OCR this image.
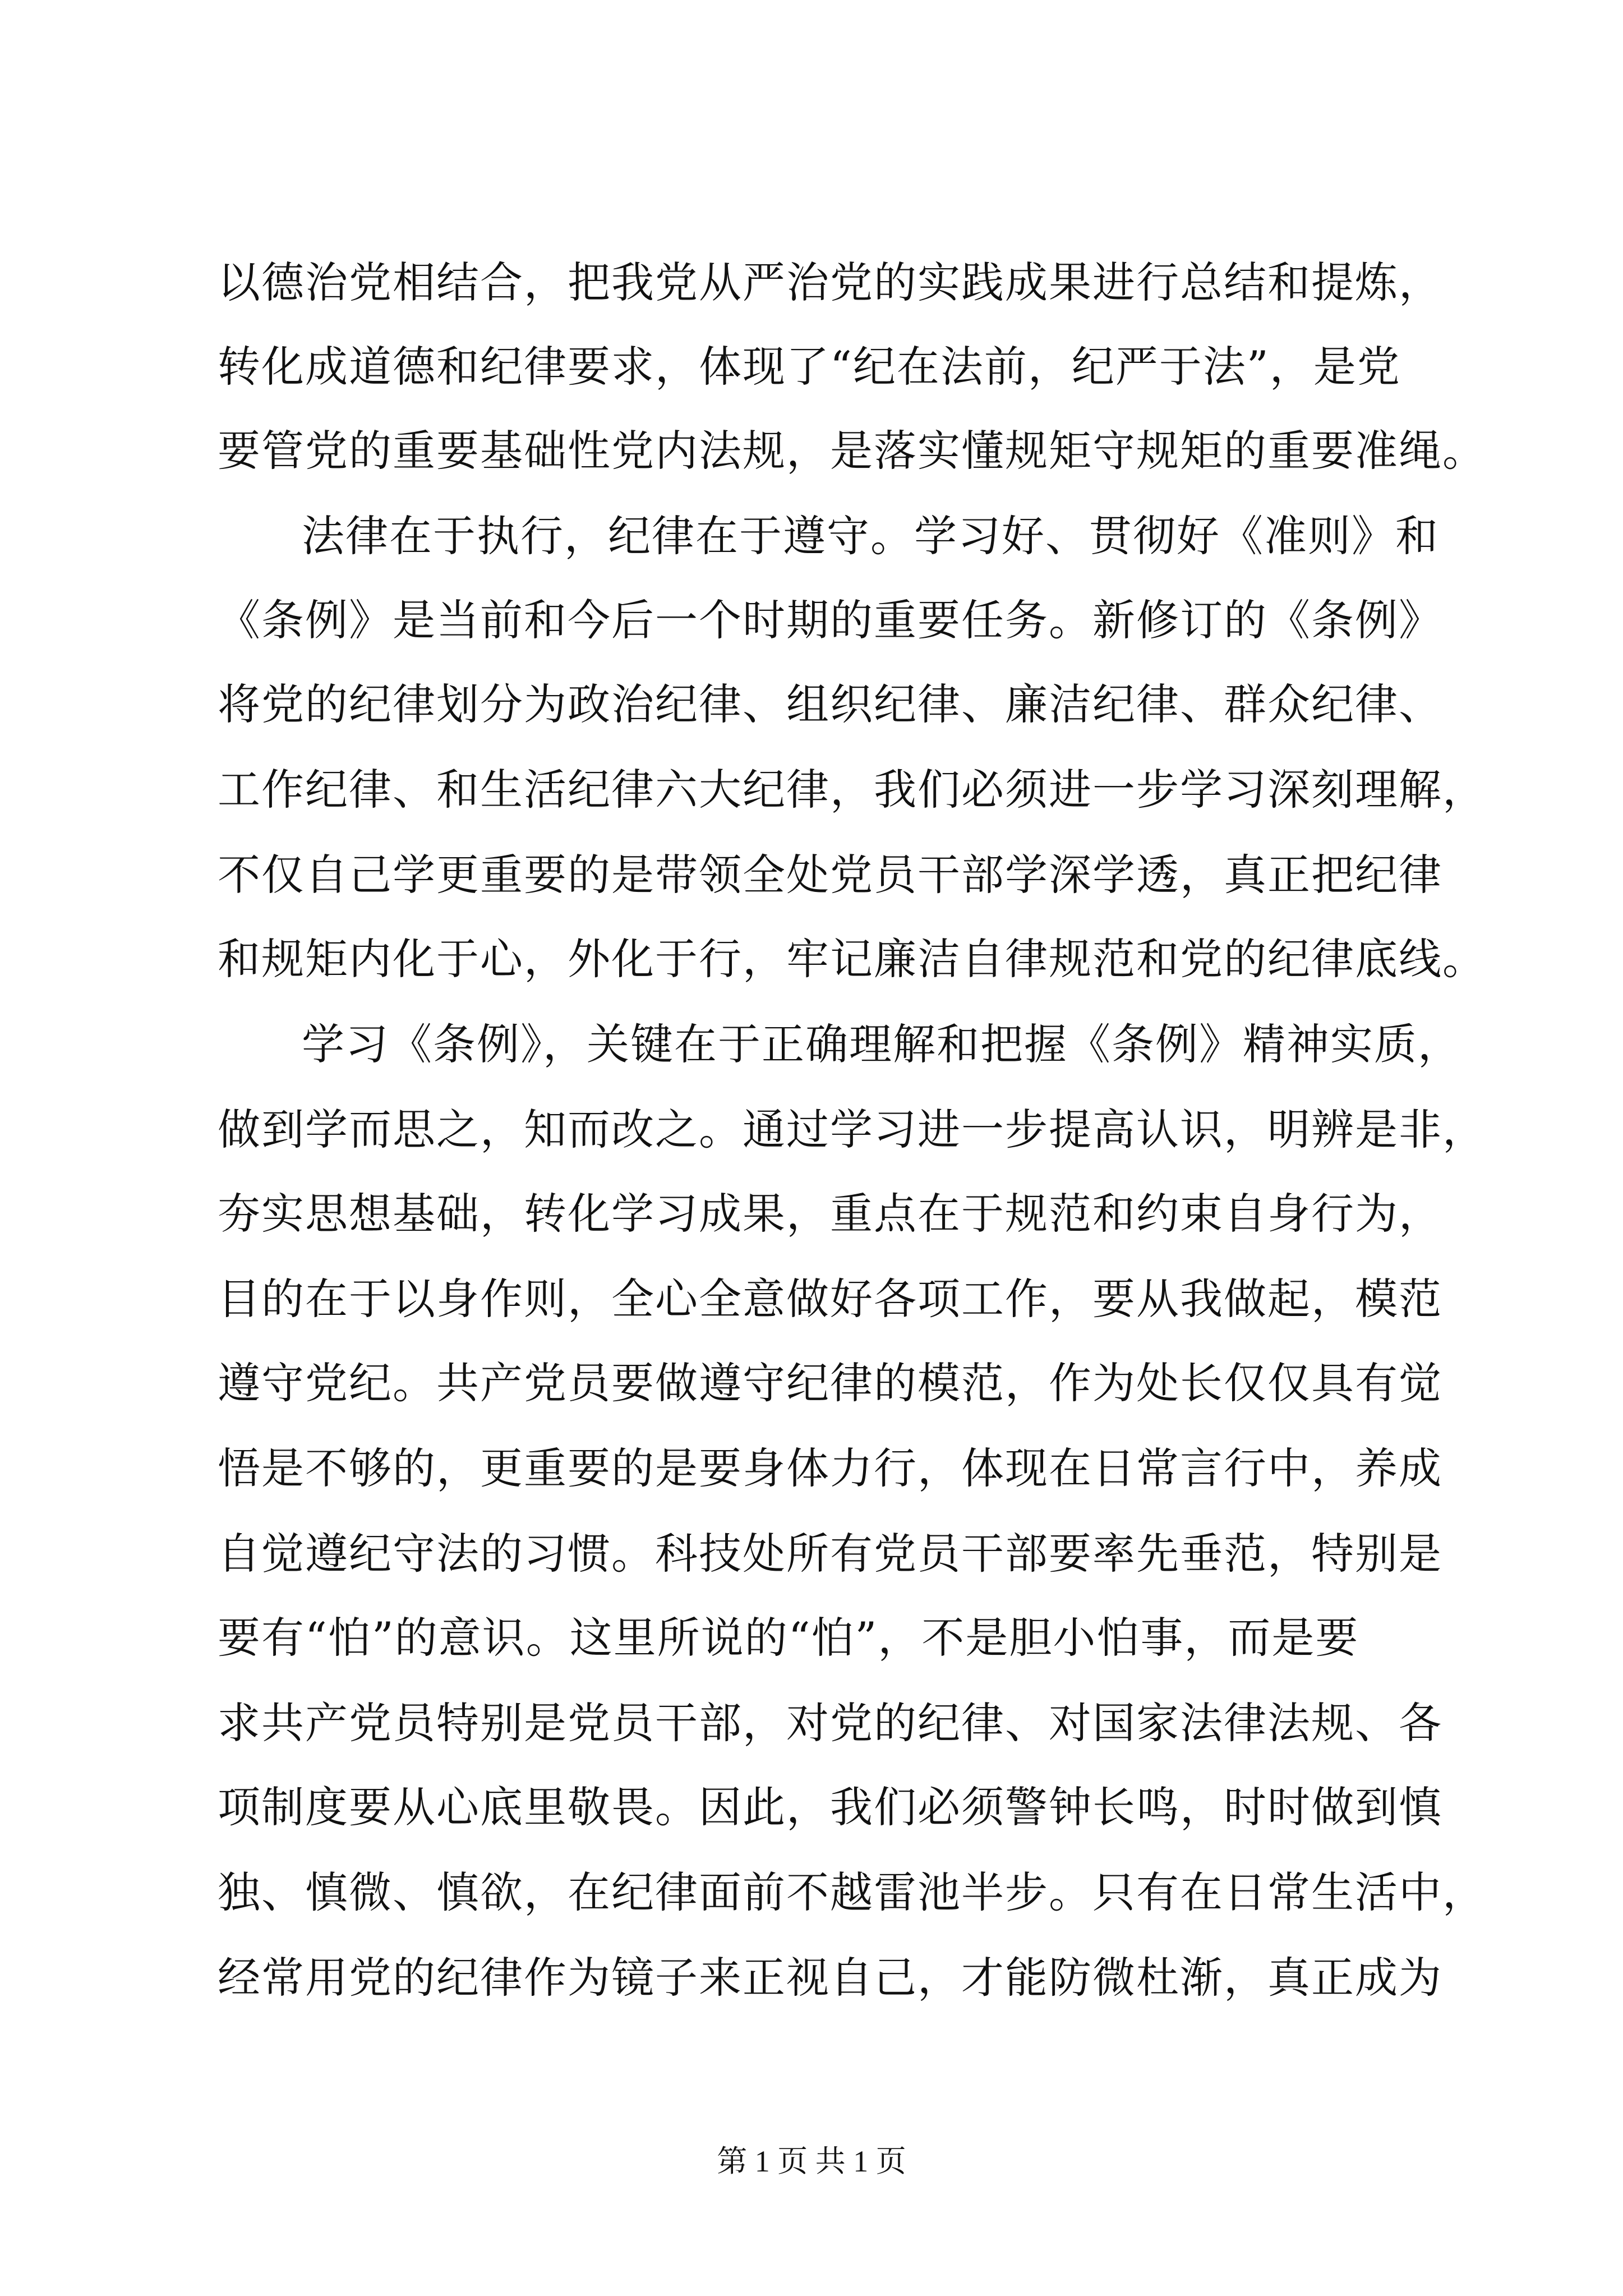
以德治党相结合，把我党从严治党的实践成果进行总结和提炼，
转化成道德和纪律要求，体现了“纪在法前，纪严于法”，是党
要管党的重要基础性党内法规，是落实懂规矩守规矩的重要准绳。
法律在于执行，纪律在于遵守。学习好、贯彻好《准则》和
《条例》是当前和今后一个时期的重要任务。新修订的《条例》
将党的纪律划分为政治纪律、组织纪律、廉洁纪律、群众纪律、
工作纪律、和生活纪律六大纪律，我们必须进一步学习深刻理解，
不仅自己学更重要的是带领全处党员干部学深学透，真正把纪律
和规矩内化于心，外化于行，牢记廉洁自律规范和党的纪律底线。
学习《条例》，关键在于正确理解和把握《条例》精神实质，
做到学而思之，知而改之。通过学习进一步提高认识，明辨是非，
夯实思想基础，转化学习成果，重点在于规范和约束自身行为，
目的在于以身作则，全心全意做好各项工作，要从我做起，模范
遵守党纪。共产党员要做遵守纪律的模范，作为处长仅仅具有觉
悟是不够的，更重要的是要身体力行，体现在日常言行中，养成
自觉遵纪守法的习惯。科技处所有党员干部要率先垂范，特别是
要有“怕”的意识。这里所说的“怕”，不是胆小怕事，而是要
求共产党员特别是党员干部，对党的纪律、对国家法律法规、各
项制度要从心底里敬畏。因此，我们必须警钟长鸣，时时做到慎
独、慎微、慎欲，在纪律面前不越雷池半步。只有在日常生活中，
经常用党的纪律作为镜子来正视自己，才能防微杜渐，真正成为
第 1 页 共 1 页
